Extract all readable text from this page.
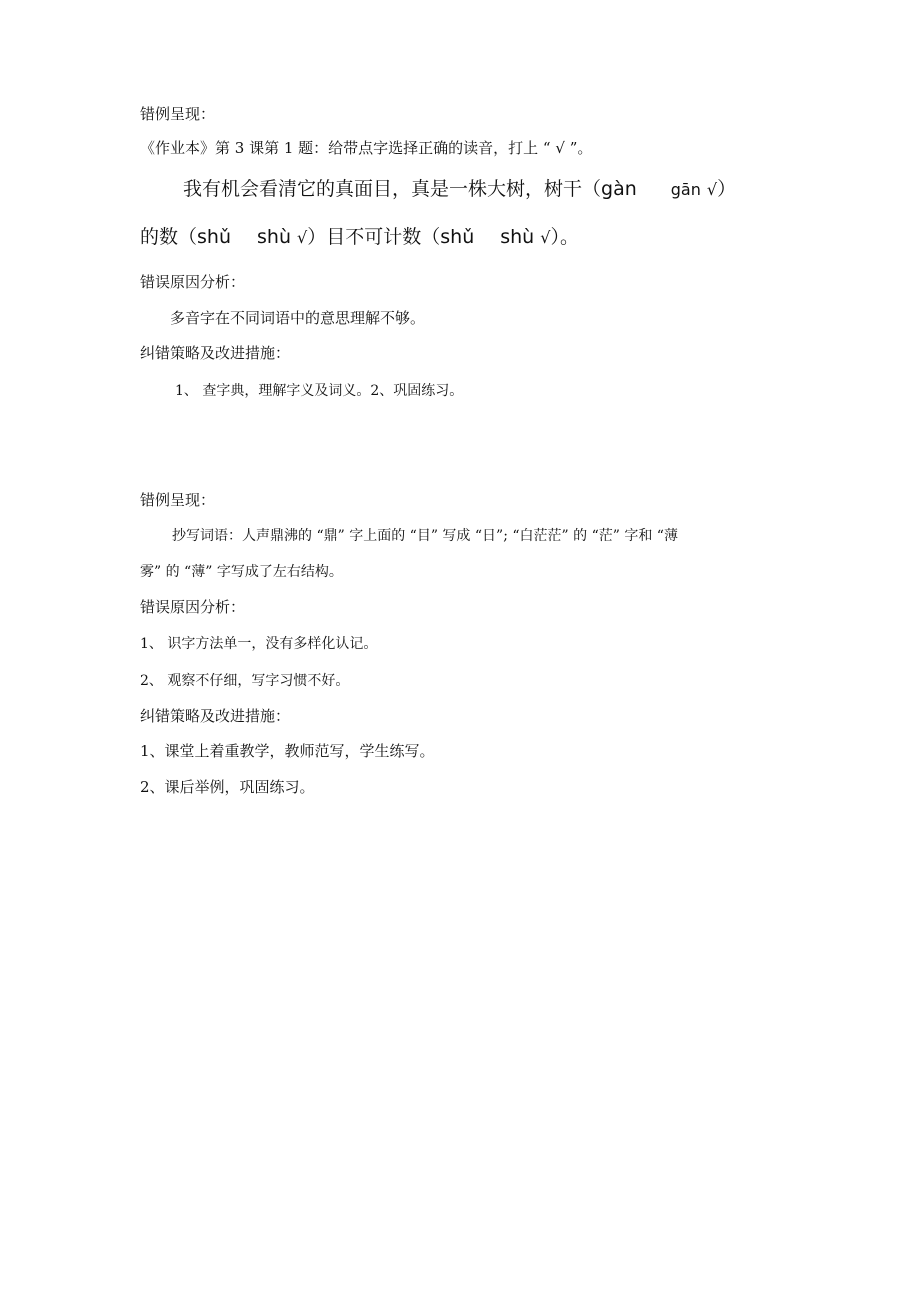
错例呈现：
《作业本》第 3 课第 1 题：给带点字选择正确的读音，打上 “ √ ”。
我有机会看清它的真面目，真是一株大树，树干（gàn gān √）
的数（shǔ shù √）目不可计数（shǔ shù √）。
错误原因分析：
多音字在不同词语中的意思理解不够。
纠错策略及改进措施：
1、 查字典，理解字义及词义。2、巩固练习。
错例呈现：
抄写词语：人声鼎沸的 “鼎” 字上面的 “目” 写成 “日”; “白茫茫” 的 “茫” 字和 “薄
雾” 的 “薄” 字写成了左右结构。
错误原因分析：
1、 识字方法单一，没有多样化认记。
2、 观察不仔细，写字习惯不好。
纠错策略及改进措施：
1、课堂上着重教学，教师范写，学生练写。
2、课后举例，巩固练习。
